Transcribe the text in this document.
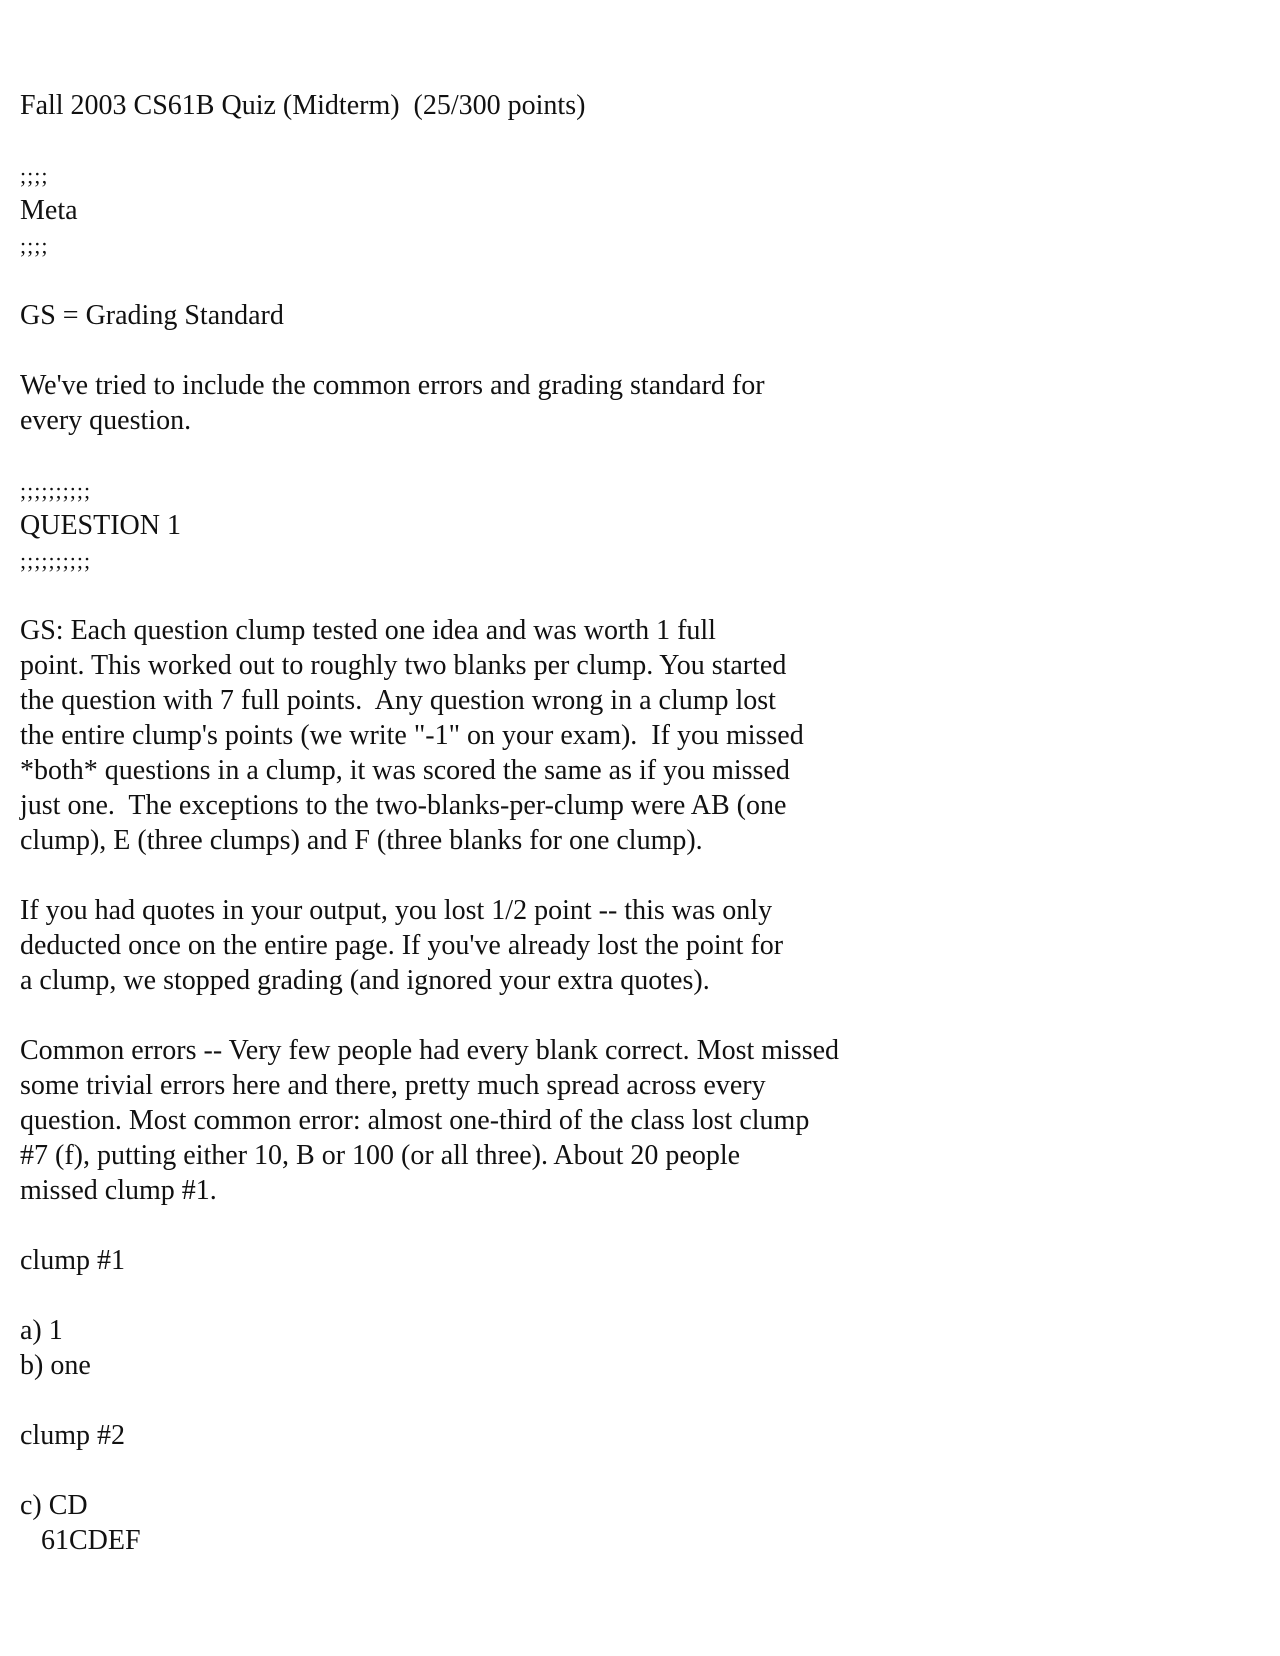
Fall 2003 CS61B Quiz (Midterm)  (25/300 points)
;;;;
Meta
;;;;
GS = Grading Standard
We've tried to include the common errors and grading standard for
every question.
;;;;;;;;;;
QUESTION 1
;;;;;;;;;;
GS: Each question clump tested one idea and was worth 1 full
point. This worked out to roughly two blanks per clump. You started
the question with 7 full points.  Any question wrong in a clump lost
the entire clump's points (we write "-1" on your exam).  If you missed
*both* questions in a clump, it was scored the same as if you missed
just one.  The exceptions to the two-blanks-per-clump were AB (one
clump), E (three clumps) and F (three blanks for one clump).
If you had quotes in your output, you lost 1/2 point -- this was only
deducted once on the entire page. If you've already lost the point for
a clump, we stopped grading (and ignored your extra quotes).
Common errors -- Very few people had every blank correct. Most missed
some trivial errors here and there, pretty much spread across every
question. Most common error: almost one-third of the class lost clump
#7 (f), putting either 10, B or 100 (or all three). About 20 people
missed clump #1.
clump #1
a) 1
b) one
clump #2
c) CD
61CDEF
